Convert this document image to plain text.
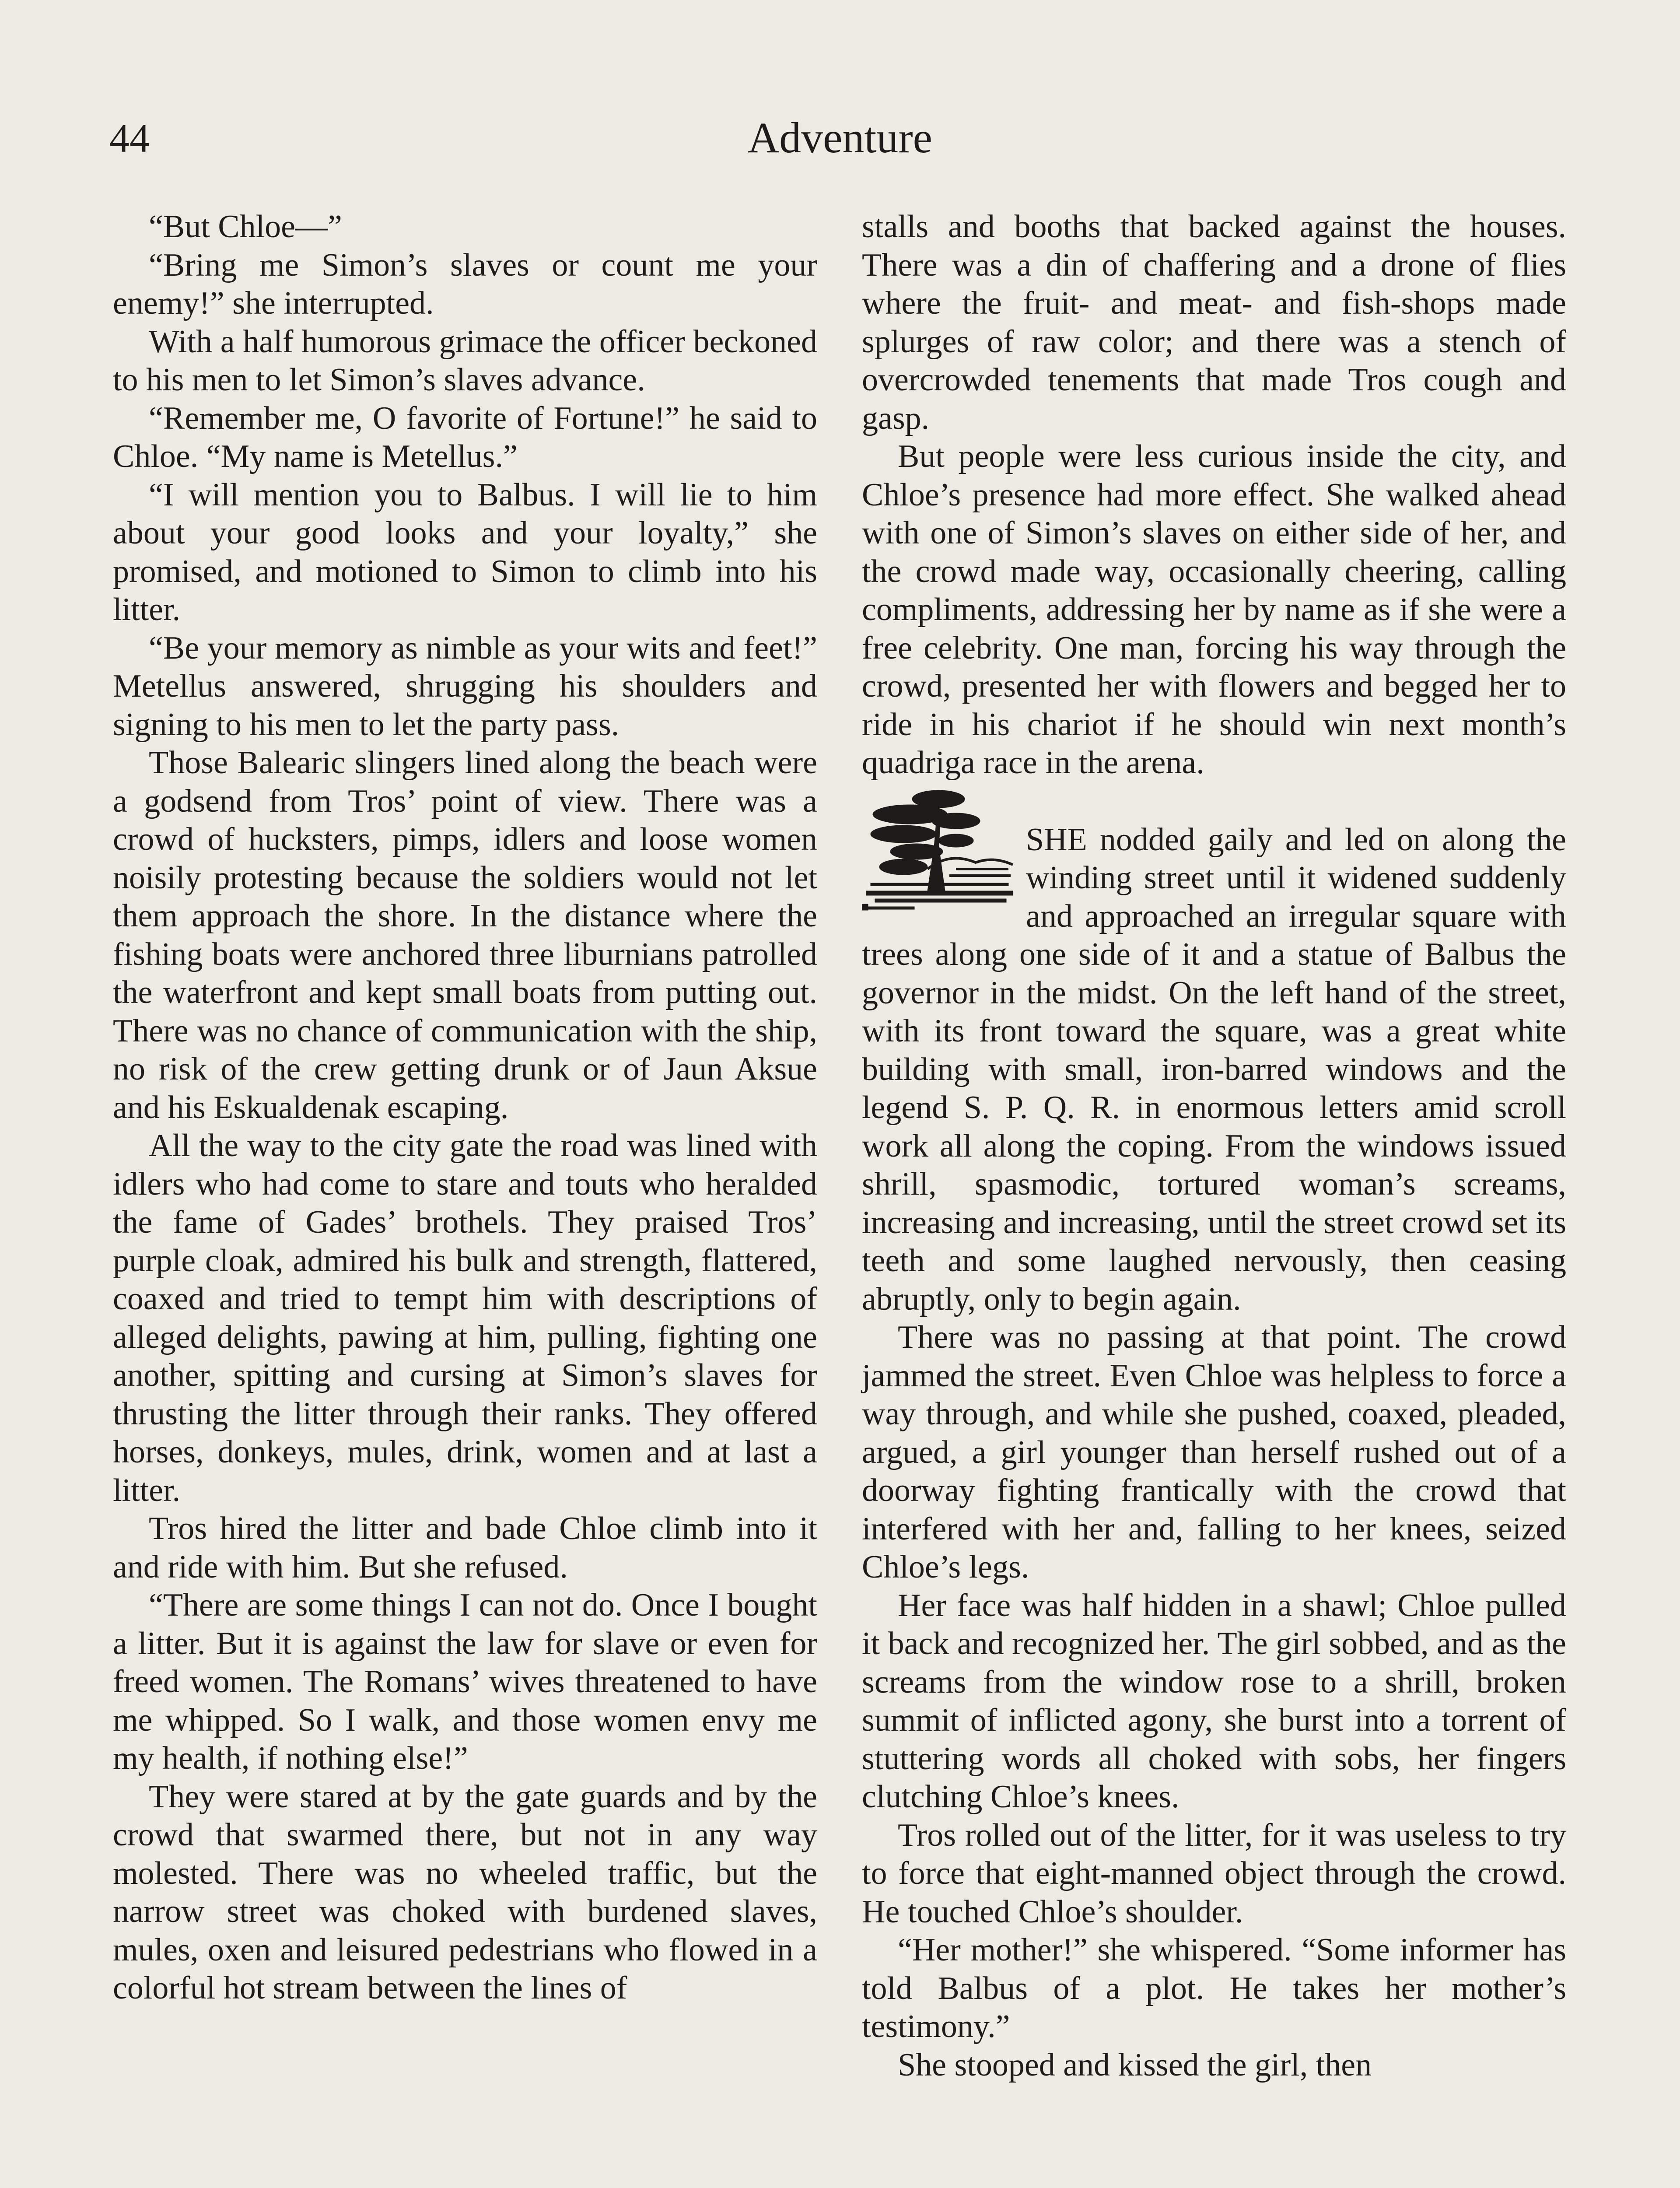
44	Adventure

“But Chloe—”

“Bring me Simon’s slaves or count me your enemy!” she interrupted.

With a half humorous grimace the officer beckoned to his men to let Simon’s slaves advance.

“Remember me, O favorite of Fortune!” he said to Chloe. “My name is Metellus.”

“I will mention you to Balbus. I will lie to him about your good looks and your loyalty,” she promised, and motioned to Simon to climb into his litter.

“Be your memory as nimble as your wits and feet!” Metellus answered, shrugging his shoulders and signing to his men to let the party pass.

Those Balearic slingers lined along the beach were a godsend from Tros’ point of view. There was a crowd of hucksters, pimps, idlers and loose women noisily protesting because the soldiers would not let them approach the shore. In the distance where the fishing boats were anchored three liburnians patrolled the waterfront and kept small boats from putting out. There was no chance of communication with the ship, no risk of the crew getting drunk or of Jaun Aksue and his Eskualdenak escaping.

All the way to the city gate the road was lined with idlers who had come to stare and touts who heralded the fame of Gades’ brothels. They praised Tros’ purple cloak, admired his bulk and strength, flattered, coaxed and tried to tempt him with descriptions of alleged delights, pawing at him, pulling, fighting one another, spitting and cursing at Simon’s slaves for thrusting the litter through their ranks. They offered horses, donkeys, mules, drink, women and at last a litter.

Tros hired the litter and bade Chloe climb into it and ride with him. But she refused.

“There are some things I can not do. Once I bought a litter. But it is against the law for slave or even for freed women. The Romans’ wives threatened to have me whipped. So I walk, and those women envy me my health, if nothing else!”

They were stared at by the gate guards and by the crowd that swarmed there, but not in any way molested. There was no wheeled traffic, but the narrow street was choked with burdened slaves, mules, oxen and leisured pedestrians who flowed in a colorful hot stream between the lines of

stalls and booths that backed against the houses. There was a din of chaffering and a drone of flies where the fruit- and meat- and fish-shops made splurges of raw color; and there was a stench of overcrowded tenements that made Tros cough and gasp.

But people were less curious inside the city, and Chloe’s presence had more effect. She walked ahead with one of Simon’s slaves on either side of her, and the crowd made way, occasionally cheering, calling compliments, addressing her by name as if she were a free celebrity. One man, forcing his way through the crowd, presented her with flowers and begged her to ride in his chariot if he should win next month’s quadriga race in the arena.

SHE nodded gaily and led on along the winding street until it widened suddenly and approached an irregular square with trees along one side of it and a statue of Balbus the governor in the midst. On the left hand of the street, with its front toward the square, was a great white building with small, iron-barred windows and the legend S. P. Q. R. in enormous letters amid scroll work all along the coping. From the windows issued shrill, spasmodic, tortured woman’s screams, increasing and increasing, until the street crowd set its teeth and some laughed nervously, then ceasing abruptly, only to begin again.

There was no passing at that point. The crowd jammed the street. Even Chloe was helpless to force a way through, and while she pushed, coaxed, pleaded, argued, a girl younger than herself rushed out of a doorway fighting frantically with the crowd that interfered with her and, falling to her knees, seized Chloe’s legs.

Her face was half hidden in a shawl; Chloe pulled it back and recognized her. The girl sobbed, and as the screams from the window rose to a shrill, broken summit of inflicted agony, she burst into a torrent of stuttering words all choked with sobs, her fingers clutching Chloe’s knees.

Tros rolled out of the litter, for it was useless to try to force that eight-manned object through the crowd. He touched Chloe’s shoulder.

“Her mother!” she whispered. “Some informer has told Balbus of a plot. He takes her mother’s testimony.”

She stooped and kissed the girl, then
